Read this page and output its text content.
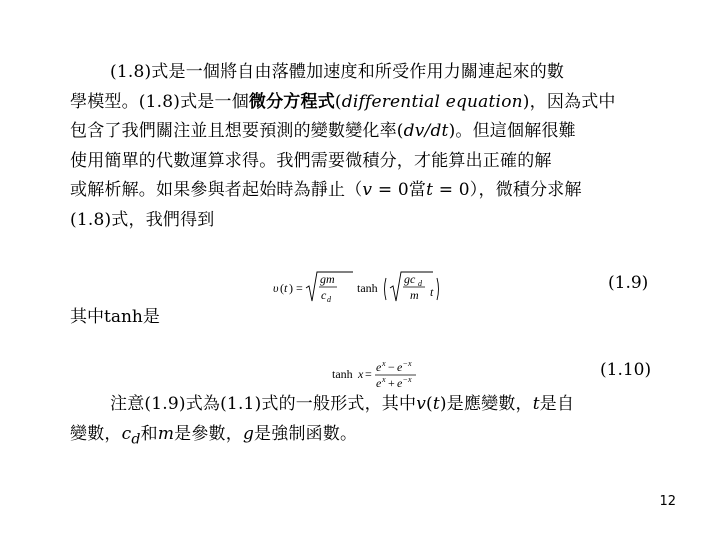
(1.8)式是一個將自由落體加速度和所受作用力關連起來的數
學模型。(1.8)式是一個微分方程式(differential equation)，因為式中
包含了我們關注並且想要預測的變數變化率(dv/dt)。但這個解很難
使用簡單的代數運算求得。我們需要微積分，才能算出正確的解
或解析解。如果參與者起始時為靜止（v = 0當t = 0），微積分求解
(1.8)式，我們得到
υ ( t ) =
gm
c d
tanh
gc d
m t	(1.9)
其中tanh是
tanh x = e x − e − x
e x + e − x	(1.10)
注意(1.9)式為(1.1)式的一般形式，其中v(t)是應變數，t是自
變數，$c_d$和m是參數，g是強制函數。
12
